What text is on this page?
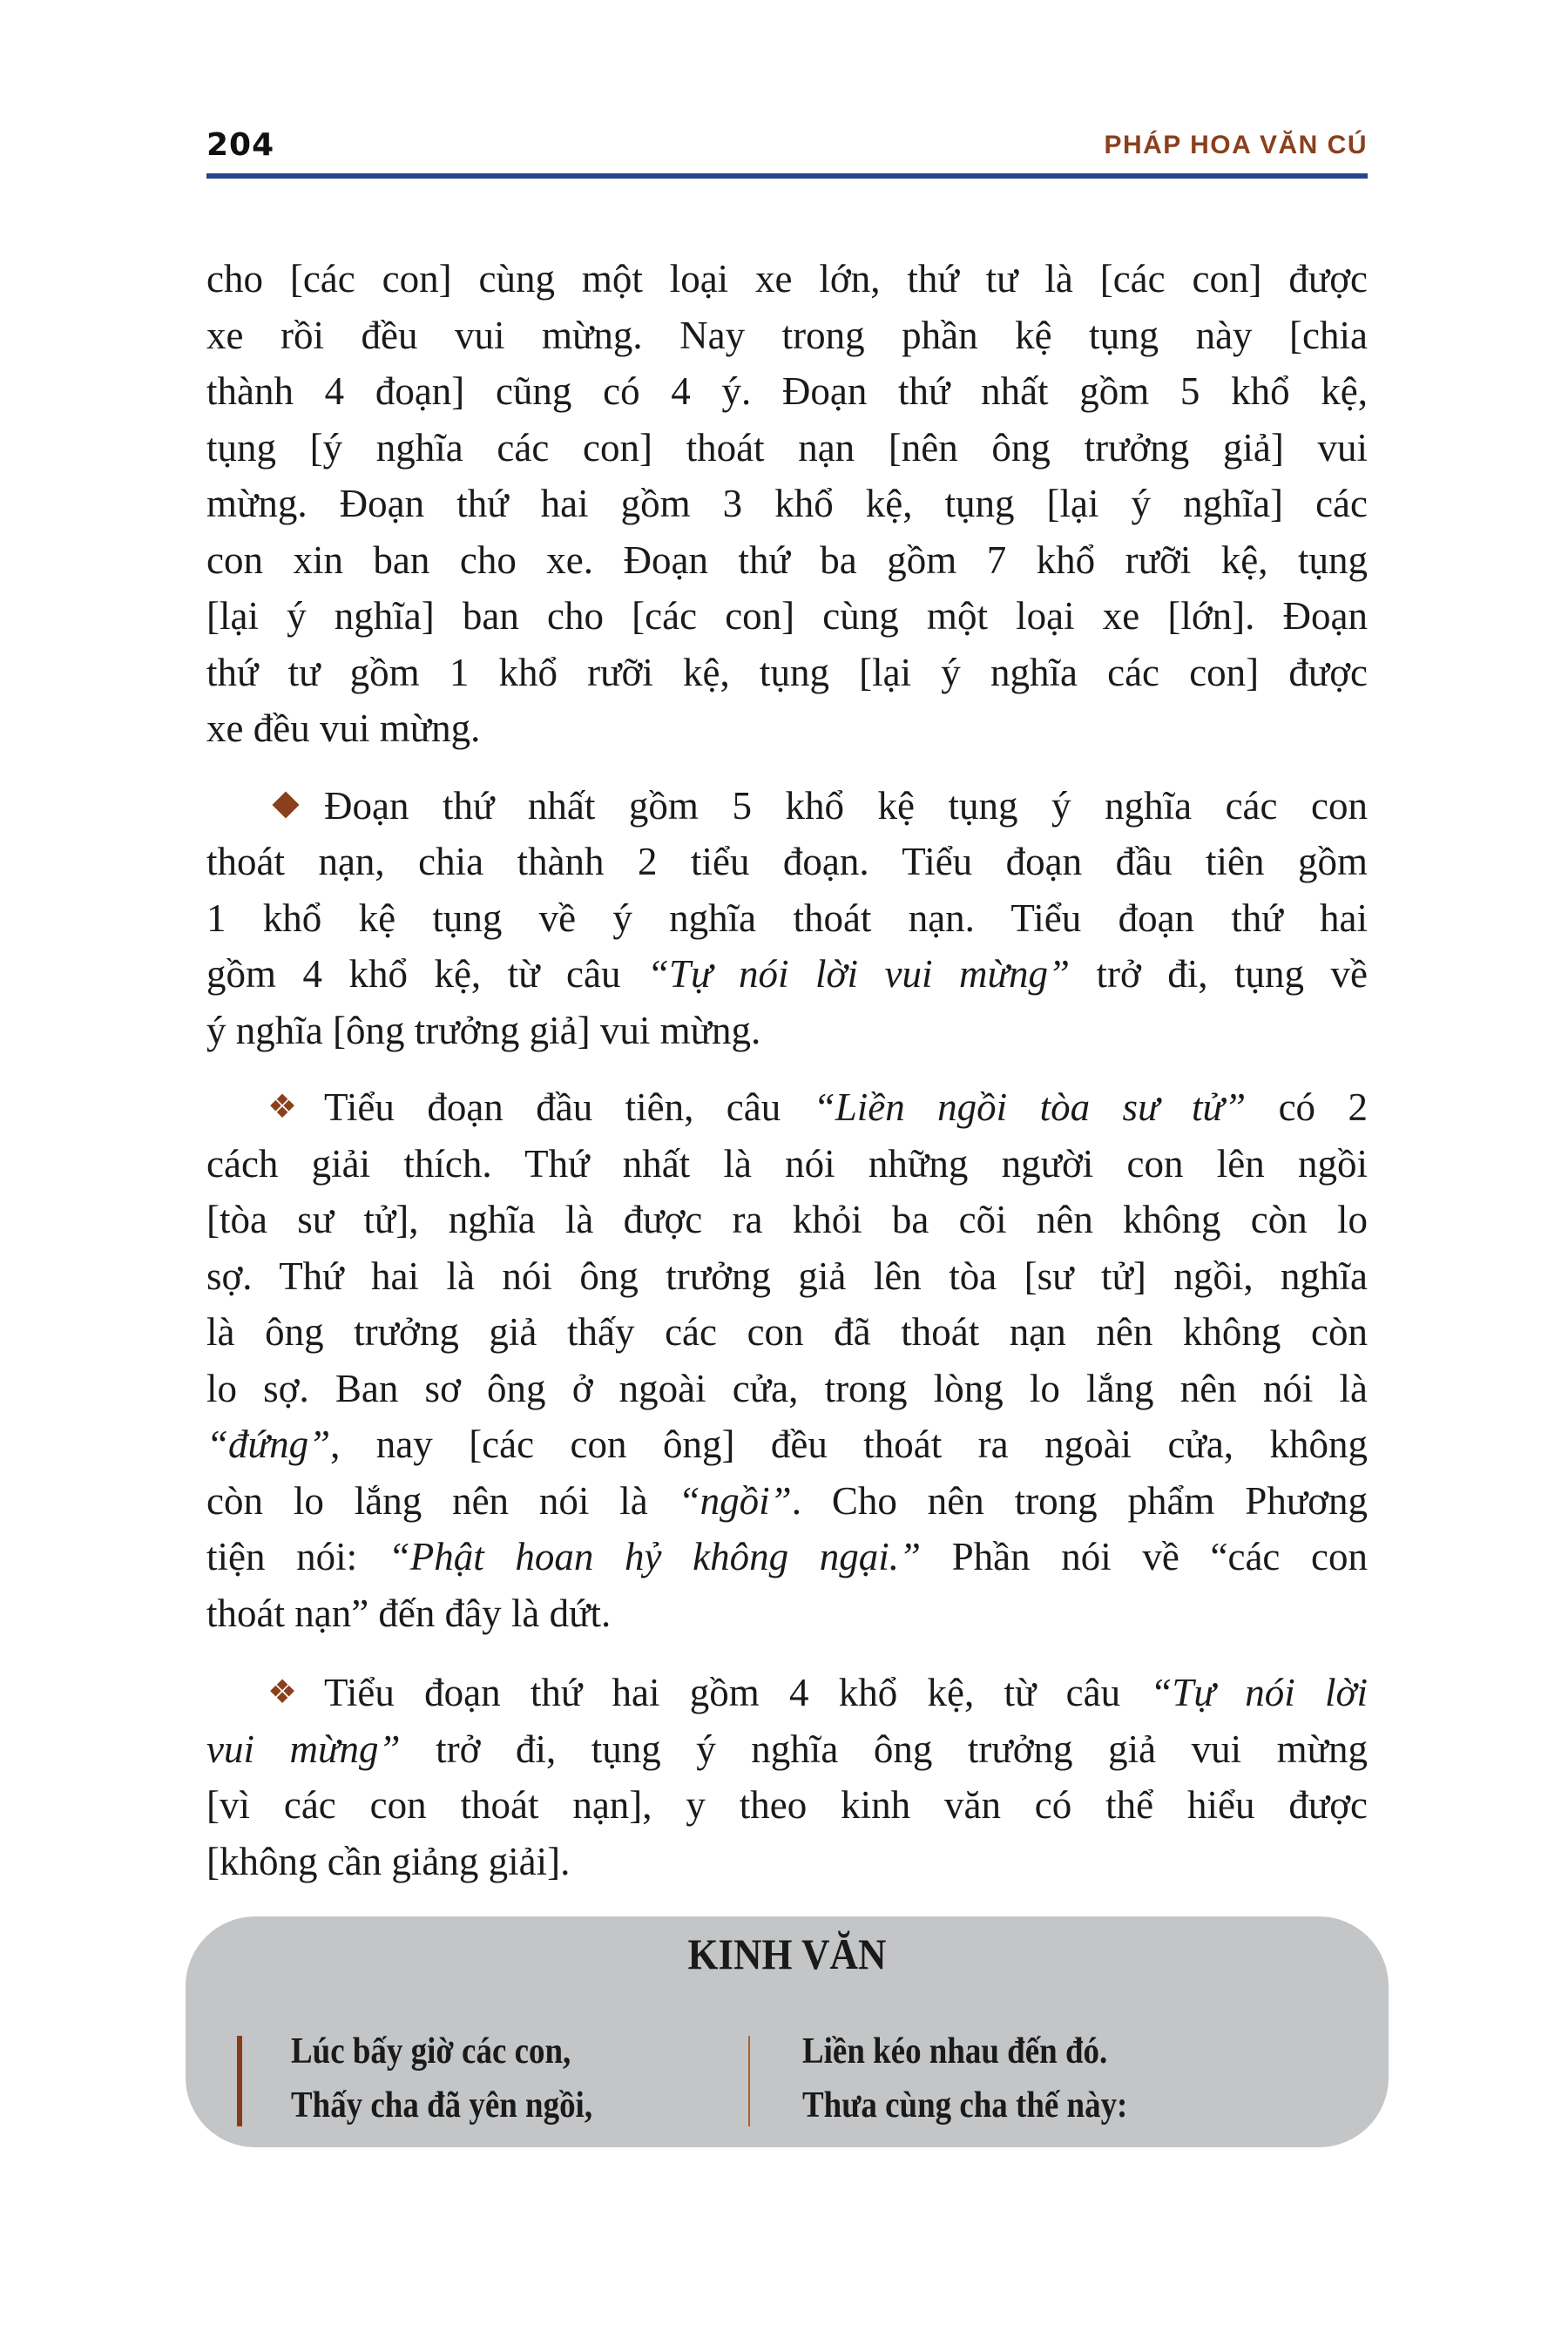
204	PHÁP HOA VĂN CÚ
cho [các con] cùng một loại xe lớn, thứ tư là [các con] được
xe rồi đều vui mừng. Nay trong phần kệ tụng này [chia
thành 4 đoạn] cũng có 4 ý. Đoạn thứ nhất gồm 5 khổ kệ,
tụng [ý nghĩa các con] thoát nạn [nên ông trưởng giả] vui
mừng. Đoạn thứ hai gồm 3 khổ kệ, tụng [lại ý nghĩa] các
con xin ban cho xe. Đoạn thứ ba gồm 7 khổ rưỡi kệ, tụng
[lại ý nghĩa] ban cho [các con] cùng một loại xe [lớn]. Đoạn
thứ tư gồm 1 khổ rưỡi kệ, tụng [lại ý nghĩa các con] được
xe đều vui mừng.
Đoạn thứ nhất gồm 5 khổ kệ tụng ý nghĩa các con
thoát nạn, chia thành 2 tiểu đoạn. Tiểu đoạn đầu tiên gồm
1 khổ kệ tụng về ý nghĩa thoát nạn. Tiểu đoạn thứ hai
gồm 4 khổ kệ, từ câu “Tự nói lời vui mừng” trở đi, tụng về
ý nghĩa [ông trưởng giả] vui mừng.
❖ Tiểu đoạn đầu tiên, câu “Liền ngồi tòa sư tử” có 2
cách giải thích. Thứ nhất là nói những người con lên ngồi
[tòa sư tử], nghĩa là được ra khỏi ba cõi nên không còn lo
sợ. Thứ hai là nói ông trưởng giả lên tòa [sư tử] ngồi, nghĩa
là ông trưởng giả thấy các con đã thoát nạn nên không còn
lo sợ. Ban sơ ông ở ngoài cửa, trong lòng lo lắng nên nói là
“đứng”, nay [các con ông] đều thoát ra ngoài cửa, không
còn lo lắng nên nói là “ngồi”. Cho nên trong phẩm Phương
tiện nói: “Phật hoan hỷ không ngại.” Phần nói về “các con
thoát nạn” đến đây là dứt.
❖ Tiểu đoạn thứ hai gồm 4 khổ kệ, từ câu “Tự nói lời
vui mừng” trở đi, tụng ý nghĩa ông trưởng giả vui mừng
[vì các con thoát nạn], y theo kinh văn có thể hiểu được
[không cần giảng giải].
KINH VĂN
Lúc bấy giờ các con,
Thấy cha đã yên ngồi,
Liền kéo nhau đến đó.
Thưa cùng cha thế này:
